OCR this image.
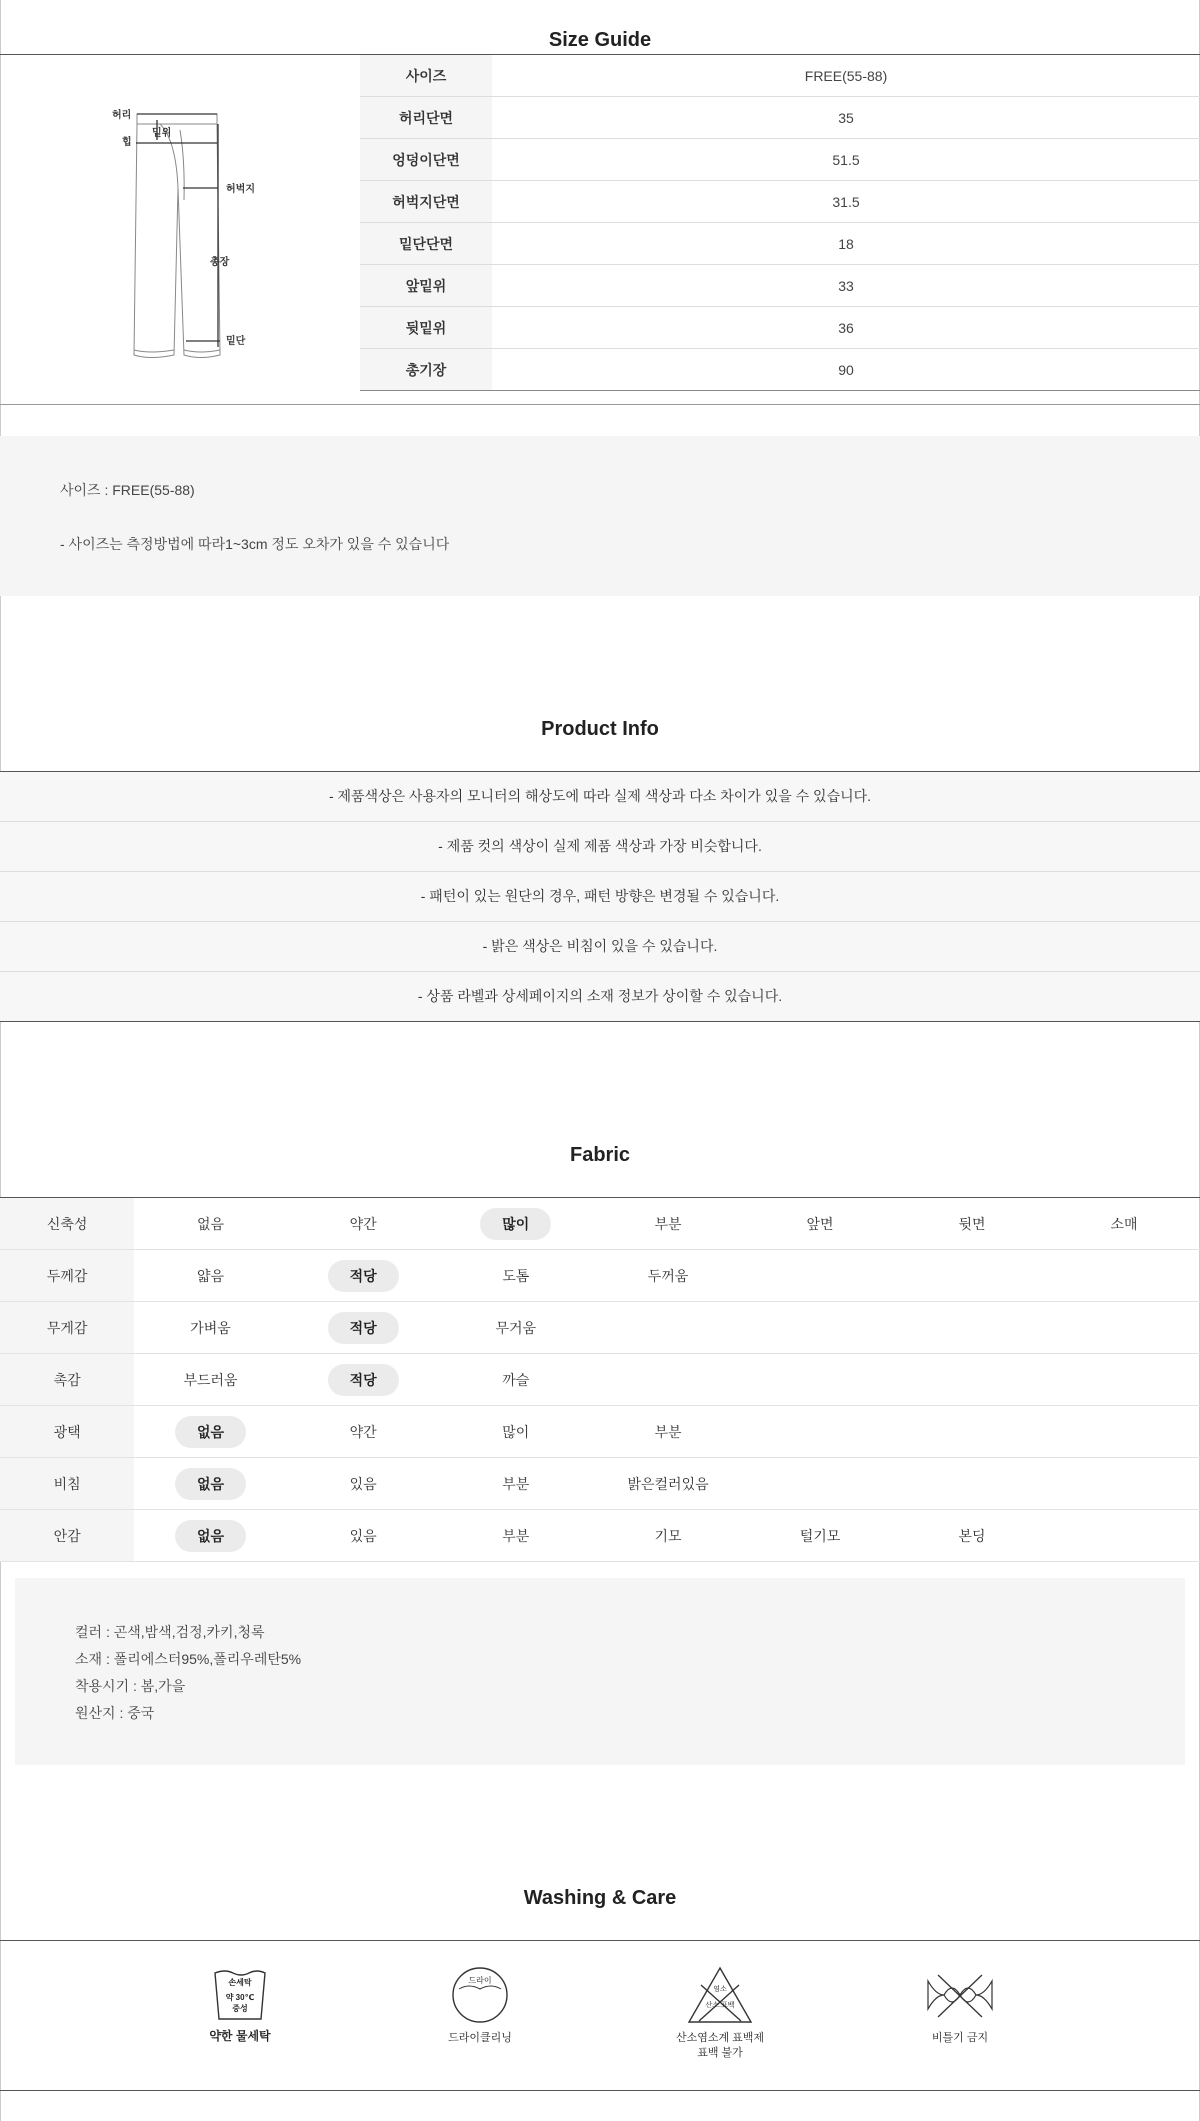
Size Guide
허리
힙
밑위
허벅지
총장
밑단
사이즈	FREE(55-88)
허리단면	35
엉덩이단면	51.5
허벅지단면	31.5
밑단단면	18
앞밑위	33
뒷밑위	36
총기장	90

사이즈 : FREE(55-88)

- 사이즈는 측정방법에 따라1~3cm 정도 오차가 있을 수 있습니다

Product Info
- 제품색상은 사용자의 모니터의 해상도에 따라 실제 색상과 다소 차이가 있을 수 있습니다.
- 제품 컷의 색상이 실제 제품 색상과 가장 비슷합니다.
- 패턴이 있는 원단의 경우, 패턴 방향은 변경될 수 있습니다.
- 밝은 색상은 비침이 있을 수 있습니다.
- 상품 라벨과 상세페이지의 소재 정보가 상이할 수 있습니다.
Fabric
신축성	없음	약간	많이	부분	앞면	뒷면	소매
두께감	얇음	적당	도톰	두꺼움			
무게감	가벼움	적당	무거움				
촉감	부드러움	적당	까슬				
광택	없음	약간	많이	부분			
비침	없음	있음	부분	밝은컬러있음			
안감	없음	있음	부분	기모	털기모	본딩	

컬러 : 곤색,밤색,검정,카키,청록

소재 : 폴리에스터95%,폴리우레탄5%

착용시기 : 봄,가을

원산지 : 중국

Washing & Care
손세탁
약 30℃
중성
약한 물세탁
드라이
드라이클리닝
염소
산소.표백
산소염소계 표백제
표백 불가
비틀기 금지
